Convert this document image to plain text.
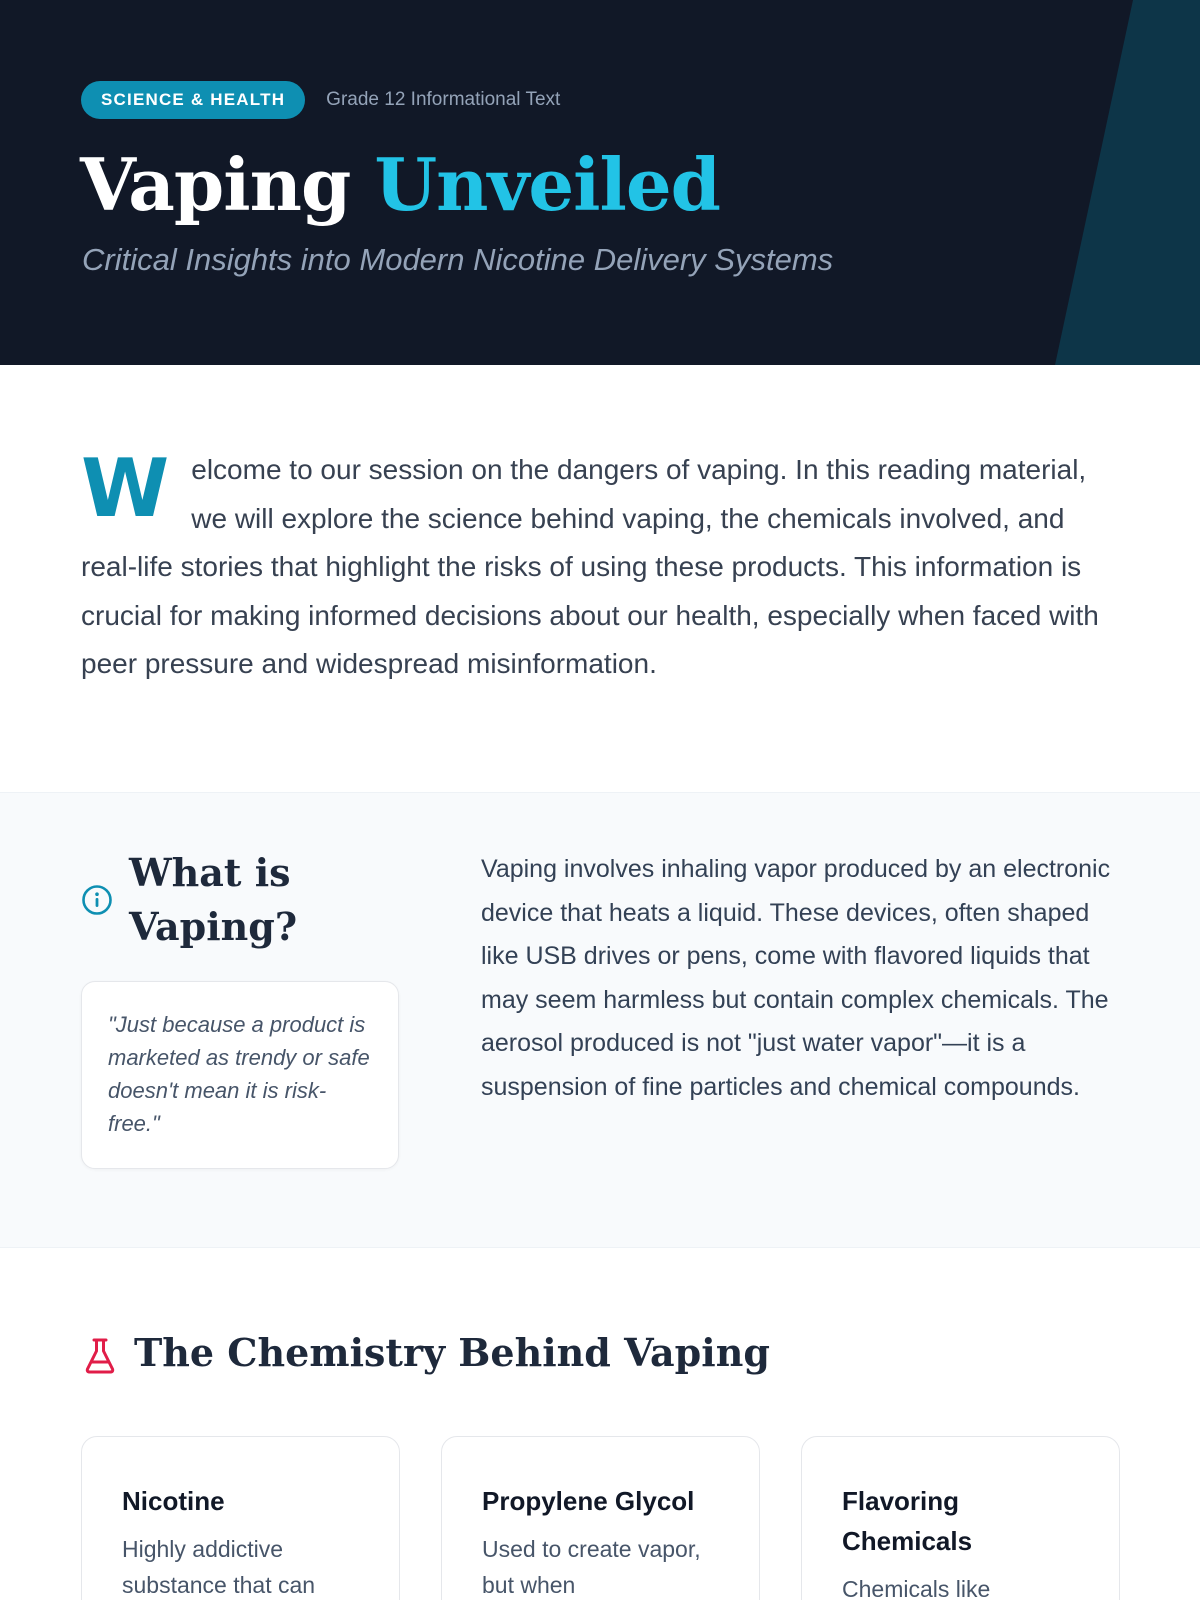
SCIENCE & HEALTH	Grade 12 Informational Text
Vaping Unveiled

Critical Insights into Modern Nicotine Delivery Systems

Welcome to our session on the dangers of vaping. In this reading material, we will explore the science behind vaping, the chemicals involved, and real-life stories that highlight the risks of using these products. This information is crucial for making informed decisions about our health, especially when faced with peer pressure and widespread misinformation.
What is Vaping?
"Just because a product is marketed as trendy or safe doesn't mean it is risk-free."

Vaping involves inhaling vapor produced by an electronic device that heats a liquid. These devices, often shaped like USB drives or pens, come with flavored liquids that may seem harmless but contain complex chemicals. The aerosol produced is not "just water vapor"—it is a suspension of fine particles and chemical compounds.

The Chemistry Behind Vaping
Nicotine

Highly addictive substance that can

Propylene Glycol

Used to create vapor, but when

Flavoring Chemicals

Chemicals like
